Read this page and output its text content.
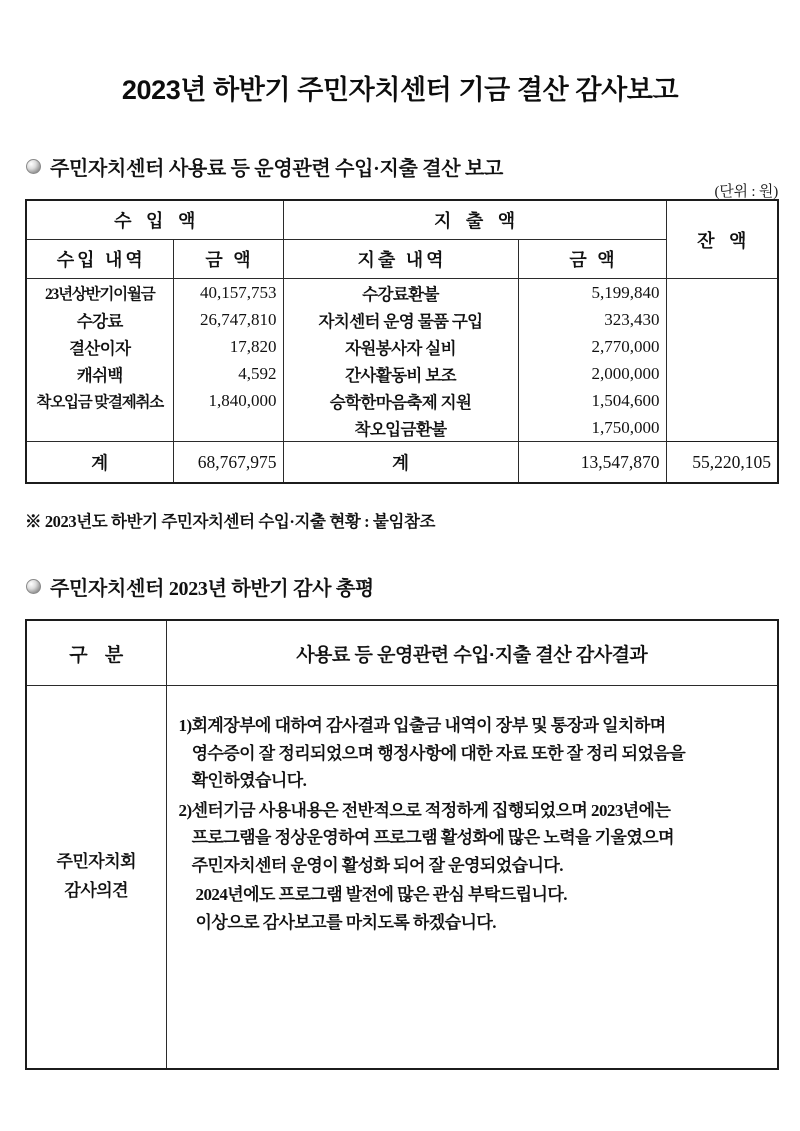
2023년 하반기 주민자치센터 기금 결산 감사보고
주민자치센터 사용료 등 운영관련 수입·지출 결산 보고
(단위 : 원)
수 입 액		지 출 액		잔 액
수입 내역	금 액	지출 내역	금 액	
23년상반기이월금	40,157,753	수강료환불	5,199,840	
수강료	26,747,810	자치센터 운영 물품 구입	323,430	
결산이자	17,820	자원봉사자 실비	2,770,000	
캐쉬백	4,592	간사활동비 보조	2,000,000	
착오입금 맞결제취소	1,840,000	승학한마음축제 지원	1,504,600	
		착오입금환불	1,750,000	
계	68,767,975	계	13,547,870	55,220,105
※ 2023년도 하반기 주민자치센터 수입·지출 현황 : 붙임참조
주민자치센터 2023년 하반기 감사 총평
구 분	사용료 등 운영관련 수입·지출 결산 감사결과

주민자치회
감사의견

1) 회계장부에 대하여 감사결과 입출금 내역이 장부 및 통장과 일치하며
영수증이 잘 정리되었으며 행정사항에 대한 자료 또한 잘 정리 되었음을
확인하였습니다.
2) 센터기금 사용내용은 전반적으로 적정하게 집행되었으며 2023년에는
프로그램을 정상운영하여 프로그램 활성화에 많은 노력을 기울였으며
주민자치센터 운영이 활성화 되어 잘 운영되었습니다.
2024년에도 프로그램 발전에 많은 관심 부탁드립니다.
이상으로 감사보고를 마치도록 하겠습니다.
